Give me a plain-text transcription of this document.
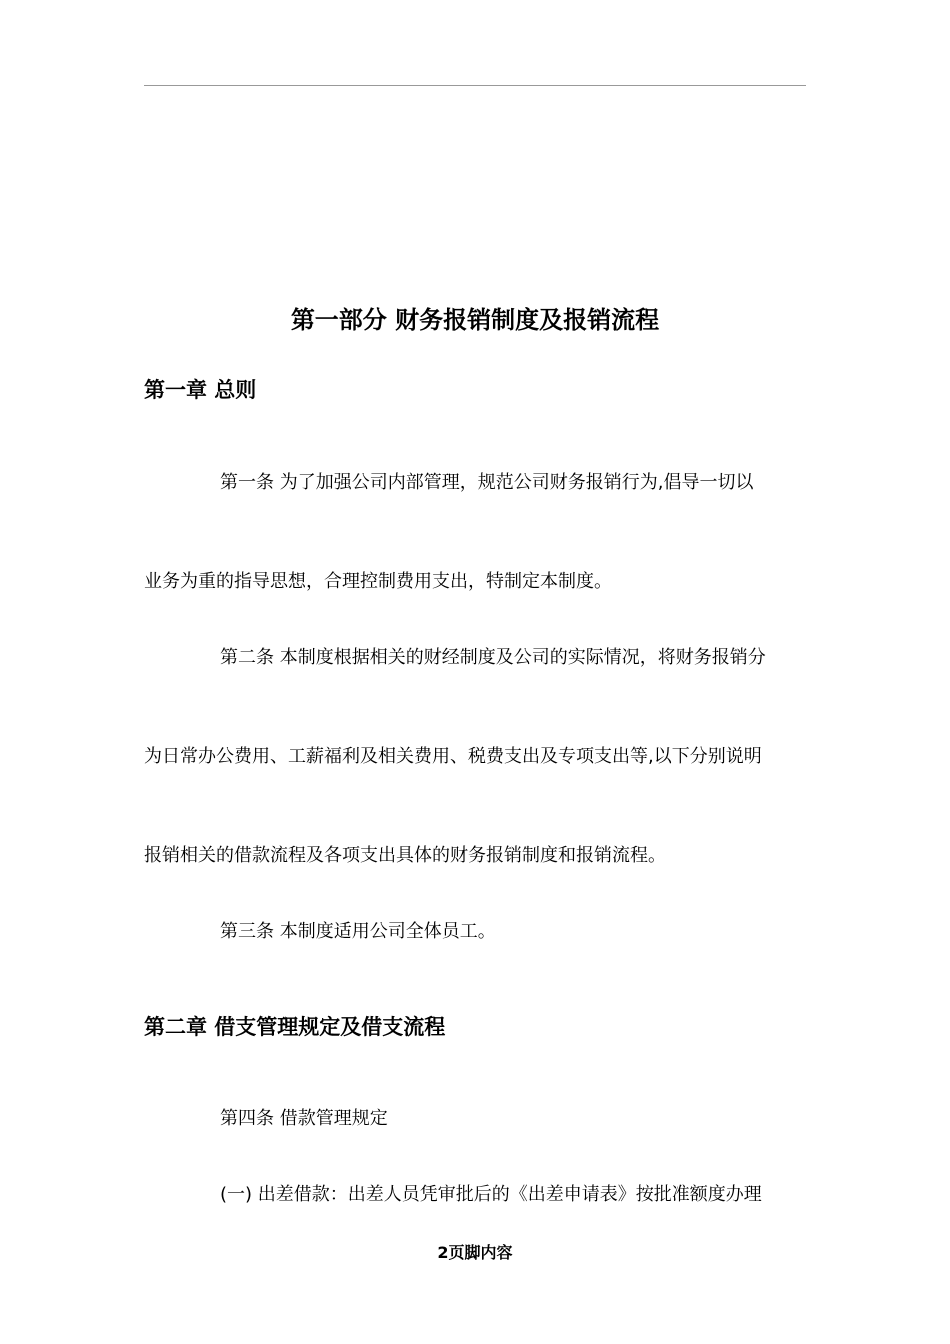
第一部分 财务报销制度及报销流程
第一章 总则
第一条 为了加强公司内部管理，规范公司财务报销行为,倡导一切以
业务为重的指导思想，合理控制费用支出，特制定本制度。
第二条 本制度根据相关的财经制度及公司的实际情况，将财务报销分
为日常办公费用、工薪福利及相关费用、税费支出及专项支出等,以下分别说明
报销相关的借款流程及各项支出具体的财务报销制度和报销流程。
第三条 本制度适用公司全体员工。
第二章 借支管理规定及借支流程
第四条 借款管理规定
(一) 出差借款：出差人员凭审批后的《出差申请表》按批准额度办理
2页脚内容
